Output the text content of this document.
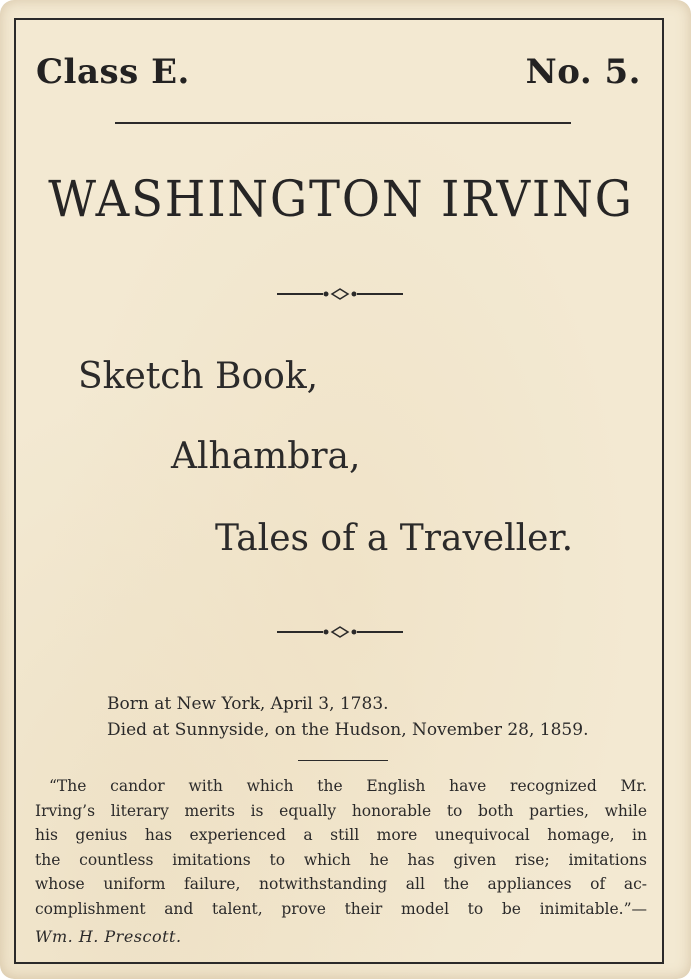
Class E.	No. 5.
WASHINGTON IRVING
Sketch Book,
Alhambra,
Tales of a Traveller.
Born at New York, April 3, 1783.
Died at Sunnyside, on the Hudson, November 28, 1859.
“The candor with which the English have recognized Mr.
Irving’s literary merits is equally honorable to both parties, while
his genius has experienced a still more unequivocal homage, in
the countless imitations to which he has given rise; imitations
whose uniform failure, notwithstanding all the appliances of ac-
complishment and talent, prove their model to be inimitable.”—
Wm. H. Prescott.
